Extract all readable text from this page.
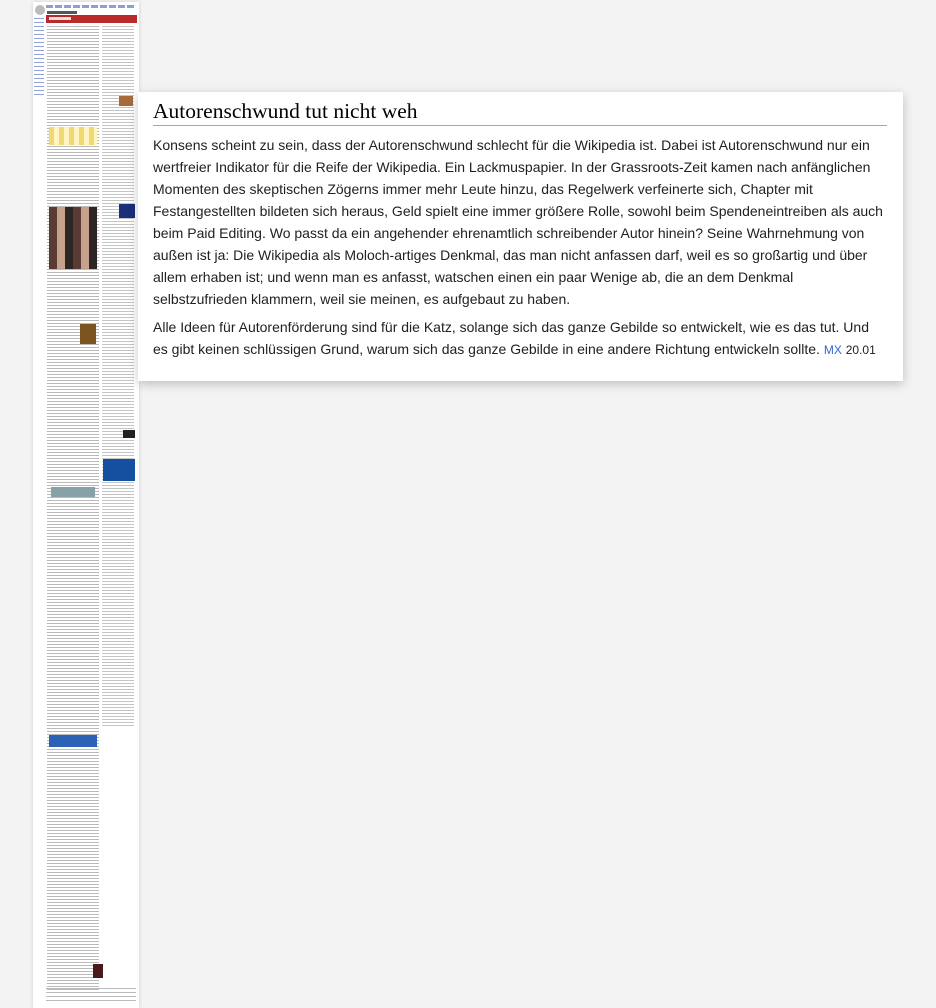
Autorenschwund tut nicht weh

Konsens scheint zu sein, dass der Autorenschwund schlecht für die Wikipedia ist. Dabei ist Autorenschwund nur ein wertfreier Indikator für die Reife der Wikipedia. Ein Lackmuspapier. In der Grassroots-Zeit kamen nach anfänglichen Momenten des skeptischen Zögerns immer mehr Leute hinzu, das Regelwerk verfeinerte sich, Chapter mit Festangestellten bildeten sich heraus, Geld spielt eine immer größere Rolle, sowohl beim Spendeneintreiben als auch beim Paid Editing. Wo passt da ein angehender ehrenamtlich schreibender Autor hinein? Seine Wahrnehmung von außen ist ja: Die Wikipedia als Moloch-artiges Denkmal, das man nicht anfassen darf, weil es so großartig und über allem erhaben ist; und wenn man es anfasst, watschen einen ein paar Wenige ab, die an dem Denkmal selbstzufrieden klammern, weil sie meinen, es aufgebaut zu haben.

Alle Ideen für Autorenförderung sind für die Katz, solange sich das ganze Gebilde so entwickelt, wie es das tut. Und es gibt keinen schlüssigen Grund, warum sich das ganze Gebilde in eine andere Richtung entwickeln sollte. MX 20.01
